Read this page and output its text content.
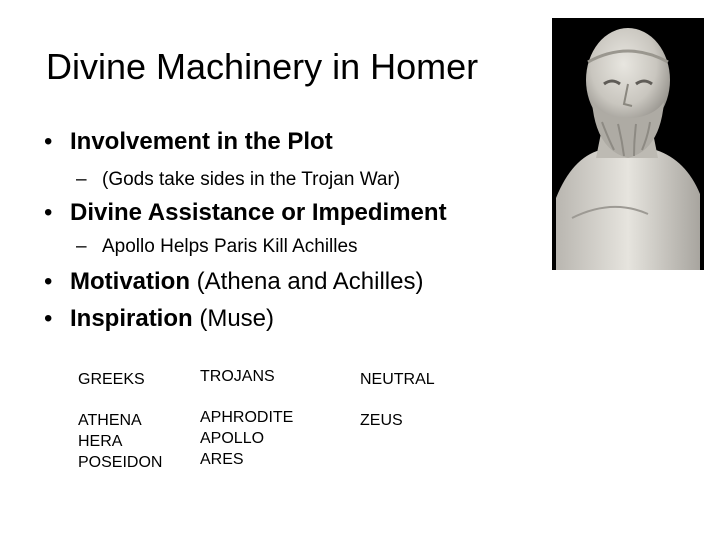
Divine Machinery in Homer
• Involvement in the Plot
– (Gods take sides in the Trojan War)
• Divine Assistance or Impediment
– Apollo Helps Paris Kill Achilles
• Motivation (Athena and Achilles)
• Inspiration (Muse)
GREEKS	TROJANS	NEUTRAL
ATHENA
HERA
POSEIDON
APHRODITE
APOLLO
ARES
ZEUS
